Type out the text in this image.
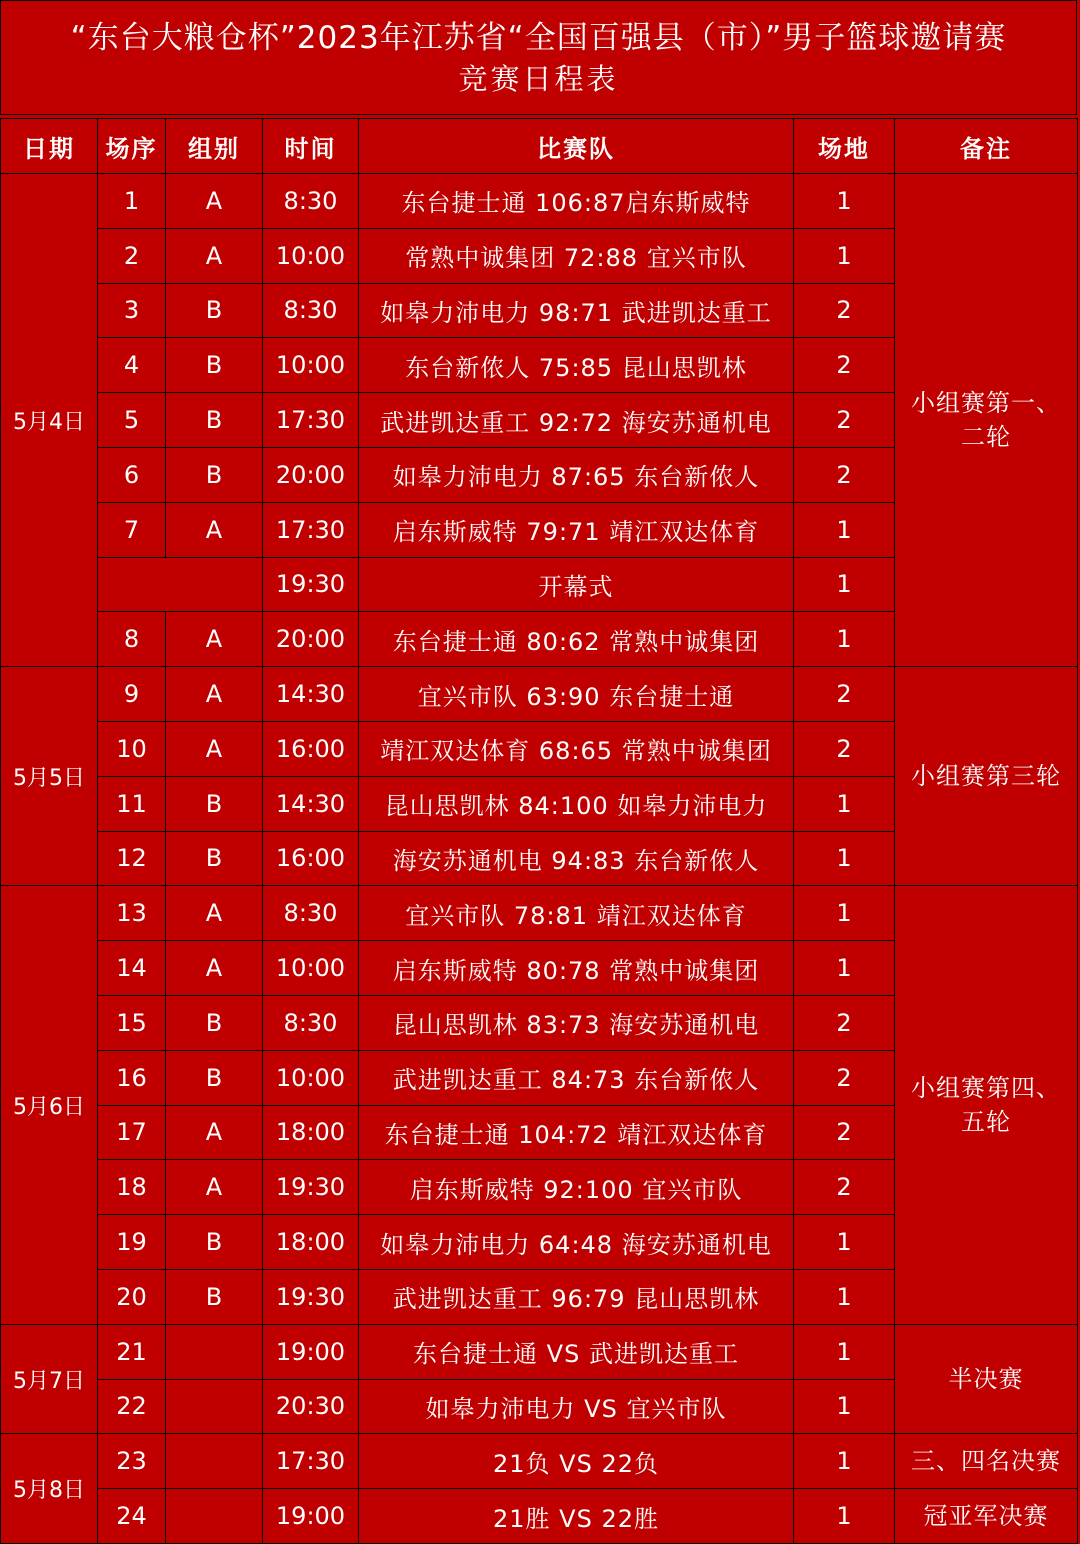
“东台大粮仓杯”2023年江苏省“全国百强县（市）”男子篮球邀请赛
竞赛日程表
日期	场序	组别	时间	比赛队	场地	备注
5月4日	1	A	8:30	东台捷士通 106:87启东斯威特	1	小组赛第一、二轮
	2	A	10:00	常熟中诚集团 72:88 宜兴市队	1	
	3	B	8:30	如皋力沛电力 98:71 武进凯达重工	2	
	4	B	10:00	东台新侬人 75:85 昆山思凯林	2	
	5	B	17:30	武进凯达重工 92:72 海安苏通机电	2	
	6	B	20:00	如皋力沛电力 87:65 东台新侬人	2	
	7	A	17:30	启东斯威特 79:71 靖江双达体育	1	
			19:30	开幕式	1	
	8	A	20:00	东台捷士通 80:62 常熟中诚集团	1	
5月5日	9	A	14:30	宜兴市队 63:90 东台捷士通	2	小组赛第三轮
	10	A	16:00	靖江双达体育 68:65 常熟中诚集团	2	
	11	B	14:30	昆山思凯林 84:100 如皋力沛电力	1	
	12	B	16:00	海安苏通机电 94:83 东台新侬人	1	
5月6日	13	A	8:30	宜兴市队 78:81 靖江双达体育	1	小组赛第四、五轮
	14	A	10:00	启东斯威特 80:78 常熟中诚集团	1	
	15	B	8:30	昆山思凯林 83:73 海安苏通机电	2	
	16	B	10:00	武进凯达重工 84:73 东台新侬人	2	
	17	A	18:00	东台捷士通 104:72 靖江双达体育	2	
	18	A	19:30	启东斯威特 92:100 宜兴市队	2	
	19	B	18:00	如皋力沛电力 64:48 海安苏通机电	1	
	20	B	19:30	武进凯达重工 96:79 昆山思凯林	1	
5月7日	21		19:00	东台捷士通 VS 武进凯达重工	1	半决赛
	22		20:30	如皋力沛电力 VS 宜兴市队	1	
5月8日	23		17:30	21负 VS 22负	1	三、四名决赛
	24		19:00	21胜 VS 22胜	1	冠亚军决赛
